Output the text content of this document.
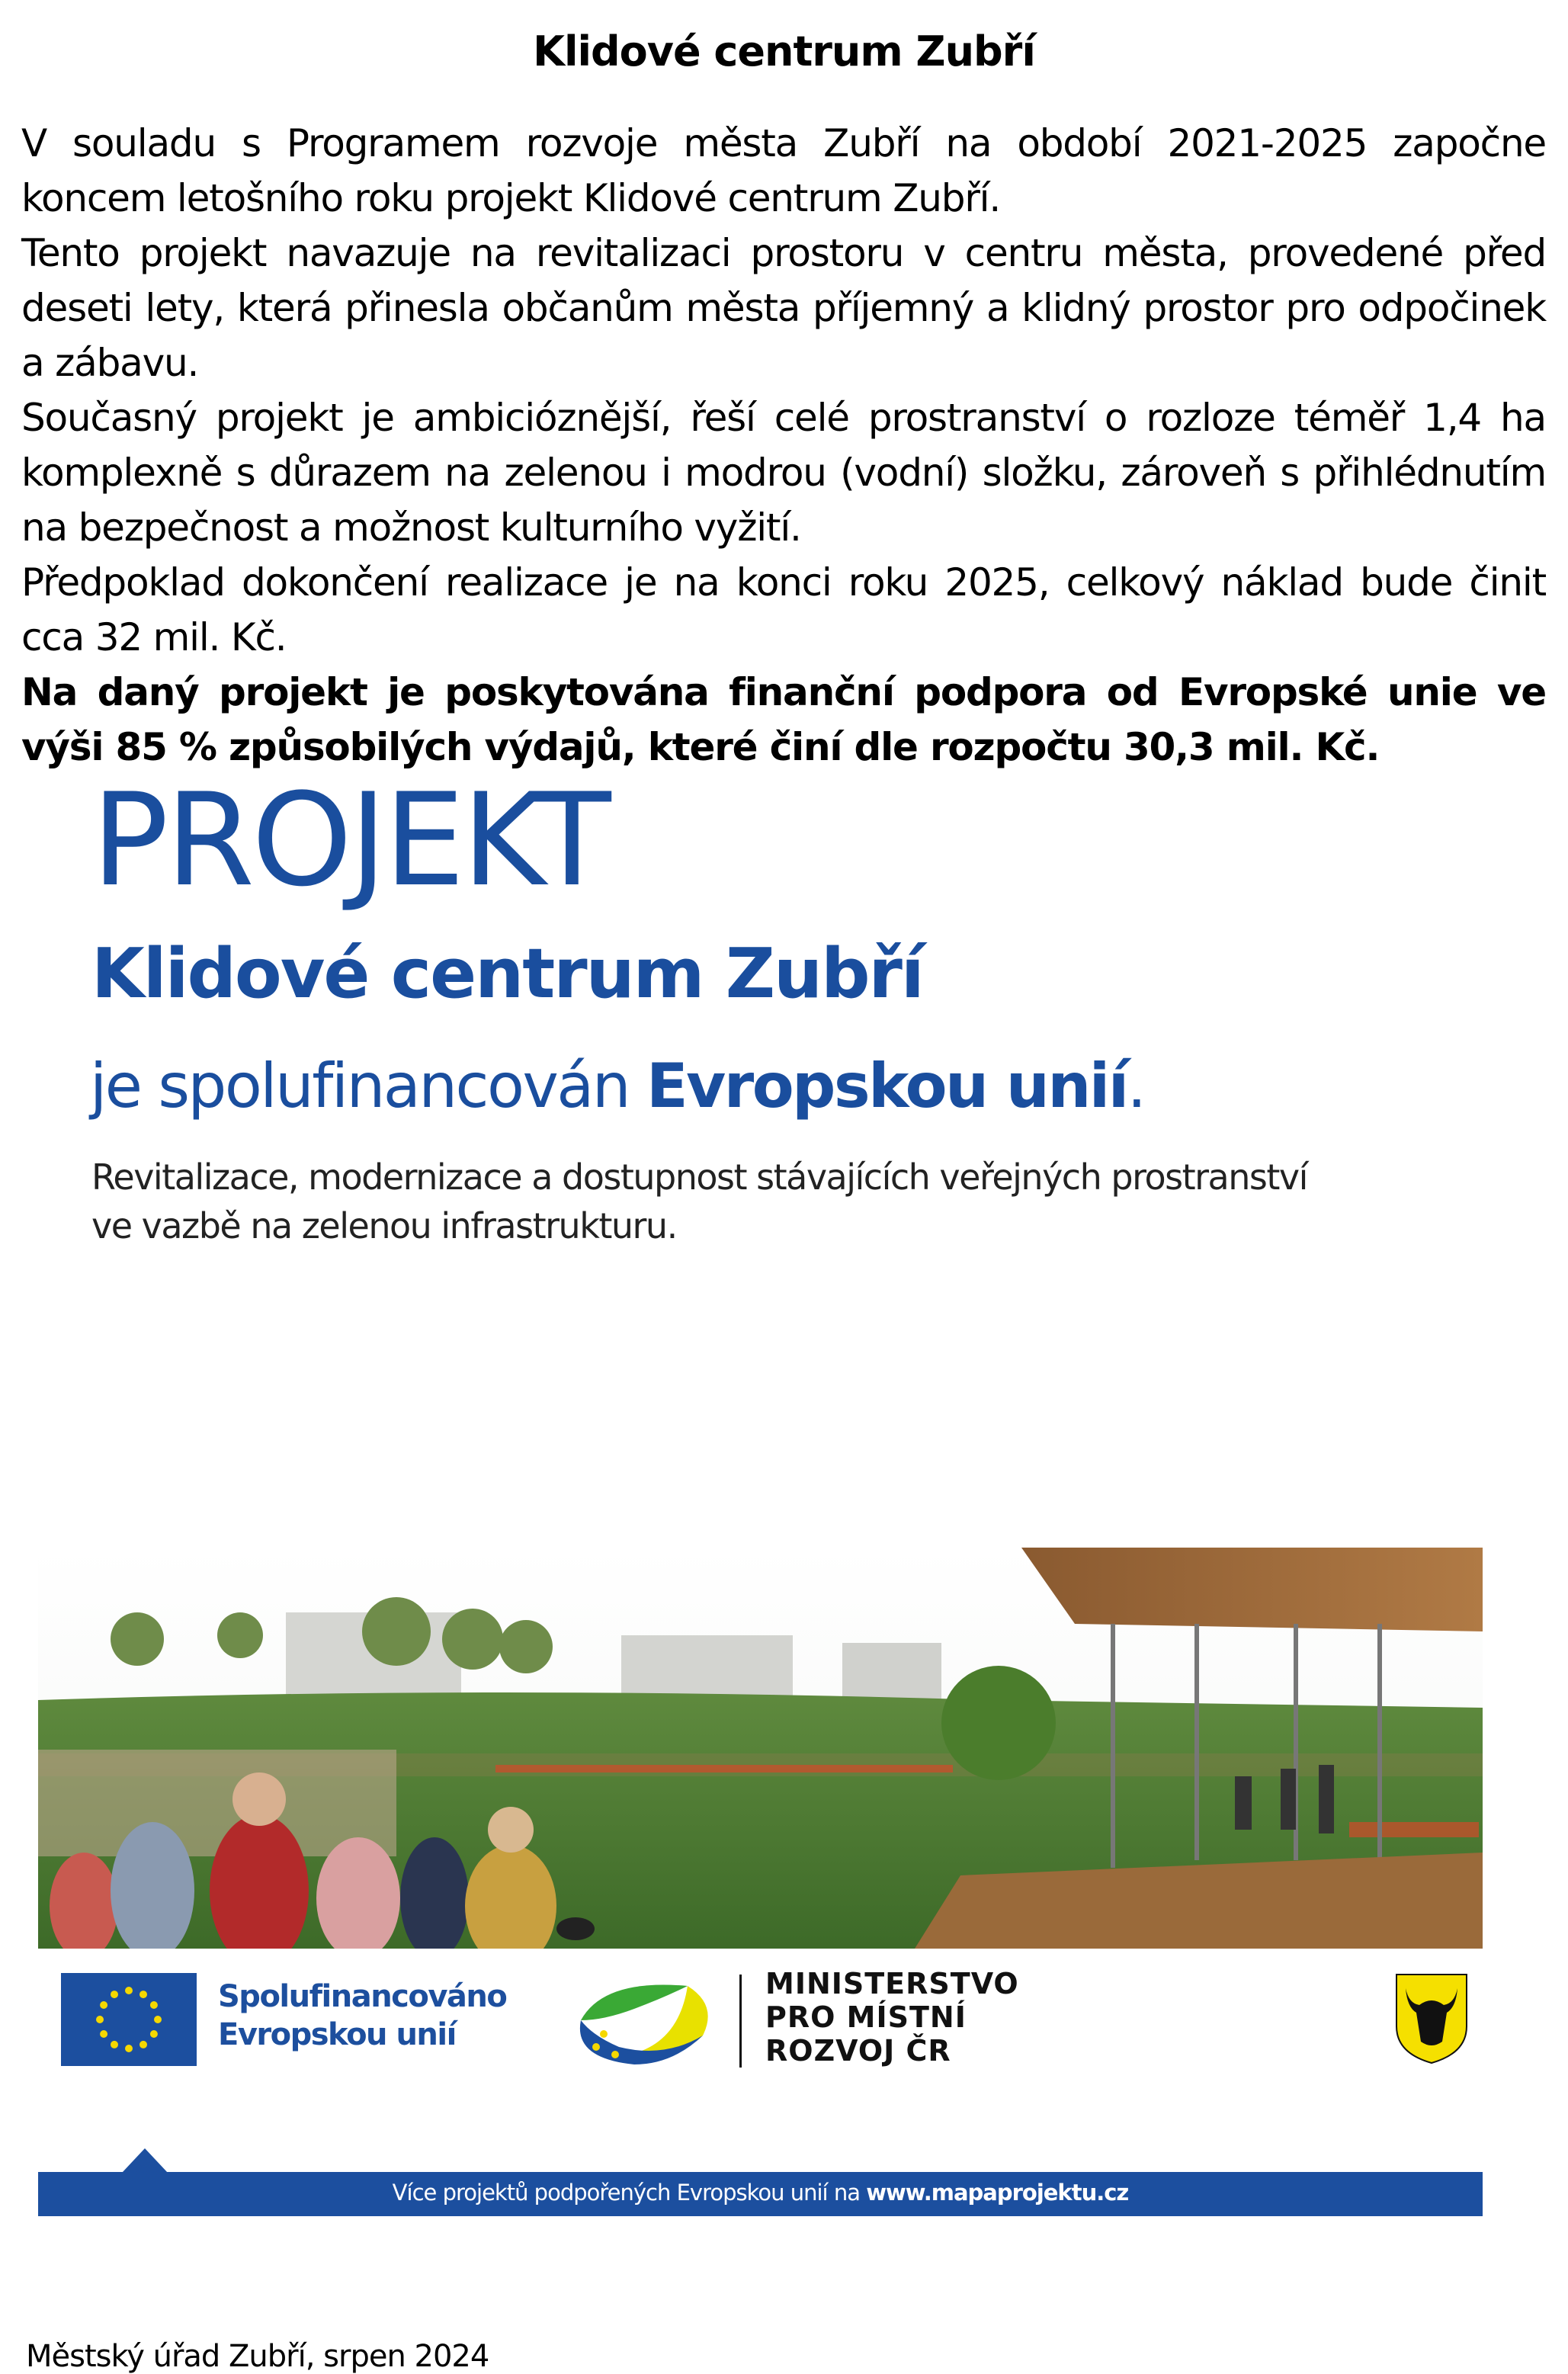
Klidové centrum Zubří

V souladu s Programem rozvoje města Zubří na období 2021-2025 započne koncem letošního roku projekt Klidové centrum Zubří.

Tento projekt navazuje na revitalizaci prostoru v centru města, provedené před deseti lety, která přinesla občanům města příjemný a klidný prostor pro odpočinek a zábavu.

Současný projekt je ambicióznější, řeší celé prostranství o rozloze téměř 1,4 ha komplexně s důrazem na zelenou i modrou (vodní) složku, zároveň s přihlédnutím na bezpečnost a možnost kulturního vyžití.

Předpoklad dokončení realizace je na konci roku 2025, celkový náklad bude činit cca 32 mil. Kč.

Na daný projekt je poskytována finanční podpora od Evropské unie ve výši 85 % způsobilých výdajů, které činí dle rozpočtu 30,3 mil. Kč.

PROJEKT
Klidové centrum Zubří
je spolufinancován Evropskou unií.
Revitalizace, modernizace a dostupnost stávajících veřejných prostranství
ve vazbě na zelenou infrastrukturu.
Spolufinancováno
Evropskou unií
MINISTERSTVO
PRO MÍSTNÍ
ROZVOJ ČR
Více projektů podpořených Evropskou unií na www.mapaprojektu.cz
Městský úřad Zubří, srpen 2024
